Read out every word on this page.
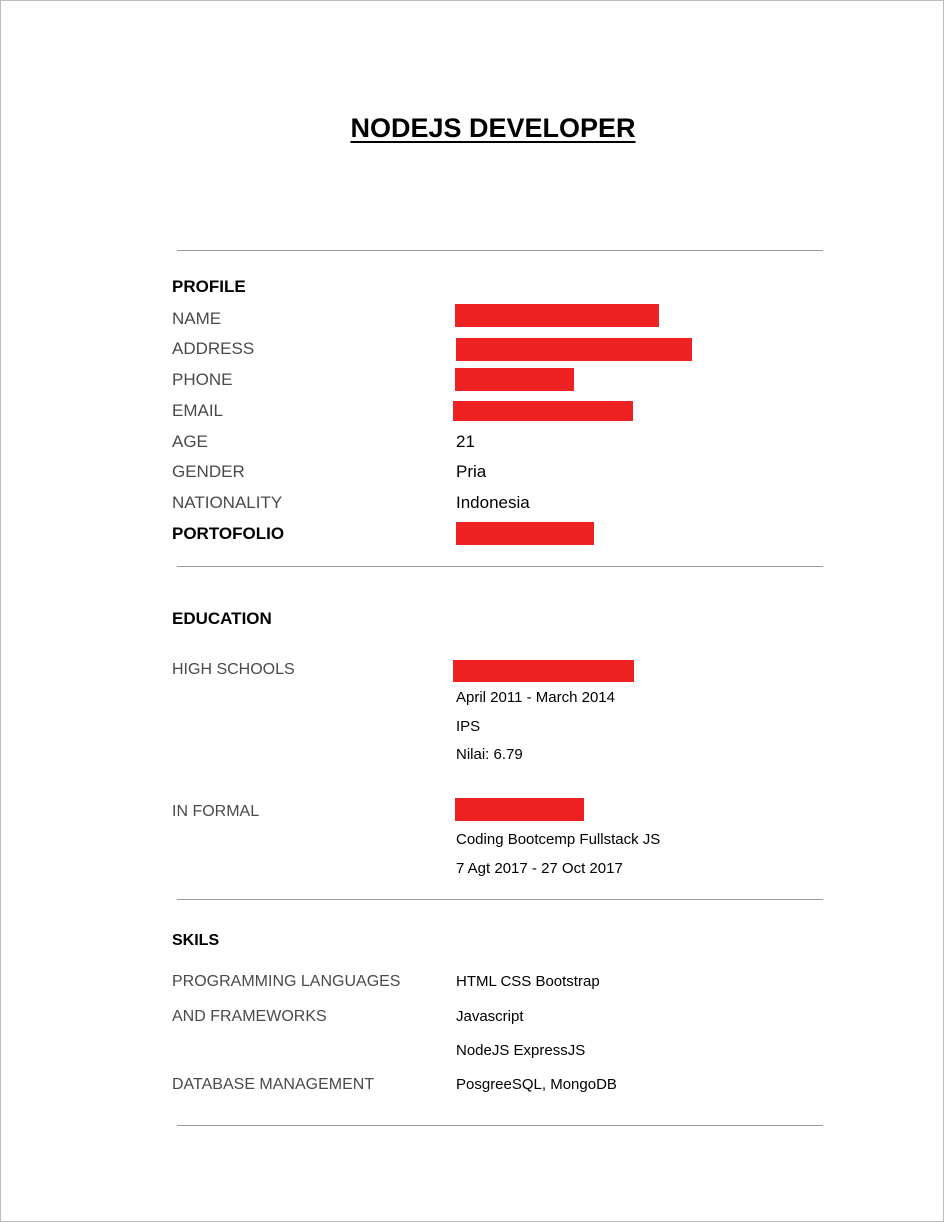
NODEJS DEVELOPER
PROFILE
NAME
ADDRESS
PHONE
EMAIL
AGE	21
GENDER	Pria
NATIONALITY	Indonesia
PORTOFOLIO
EDUCATION
HIGH SCHOOLS
April 2011 - March 2014
IPS
Nilai: 6.79
IN FORMAL
Coding Bootcemp Fullstack JS
7 Agt 2017 - 27 Oct 2017
SKILS
PROGRAMMING LANGUAGES	HTML CSS Bootstrap
AND FRAMEWORKS	Javascript
NodeJS ExpressJS
DATABASE MANAGEMENT	PosgreeSQL, MongoDB
